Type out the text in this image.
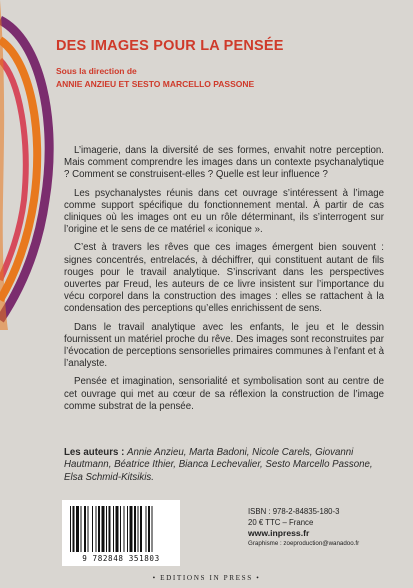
DES IMAGES POUR LA PENSÉE
Sous la direction de
ANNIE ANZIEU ET SESTO MARCELLO PASSONE

L’imagerie, dans la diversité de ses formes, envahit notre perception. Mais comment comprendre les images dans un contexte psychanalytique ? Comment se construisent-elles ? Quelle est leur influence ?

Les psychanalystes réunis dans cet ouvrage s’intéressent à l’image comme support spécifique du fonctionnement mental. À partir de cas cliniques où les images ont eu un rôle déterminant, ils s’interrogent sur l’origine et le sens de ce matériel « iconique ».

C’est à travers les rêves que ces images émergent bien souvent : signes concentrés, entrelacés, à déchiffrer, qui constituent autant de fils rouges pour le travail analytique. S’inscrivant dans les perspectives ouvertes par Freud, les auteurs de ce livre insistent sur l’importance du vécu corporel dans la construction des images : elles se rattachent à la condensation des perceptions qu’elles enrichissent de sens.

Dans le travail analytique avec les enfants, le jeu et le dessin fournissent un matériel proche du rêve. Des images sont reconstruites par l’évocation de perceptions sensorielles primaires communes à l’enfant et à l’analyste.

Pensée et imagination, sensorialité et symbolisation sont au centre de cet ouvrage qui met au cœur de sa réflexion la construction de l’image comme substrat de la pensée.

Les auteurs : Annie Anzieu, Marta Badoni, Nicole Carels, Giovanni Hautmann, Béatrice Ithier, Bianca Lechevalier, Sesto Marcello Passone, Elsa Schmid-Kitsikis.
9 782848 351803
ISBN : 978-2-84835-180-3
20 € TTC – France
www.inpress.fr
Graphisme : zoeproduction@wanadoo.fr
• EDITIONS IN PRESS •
